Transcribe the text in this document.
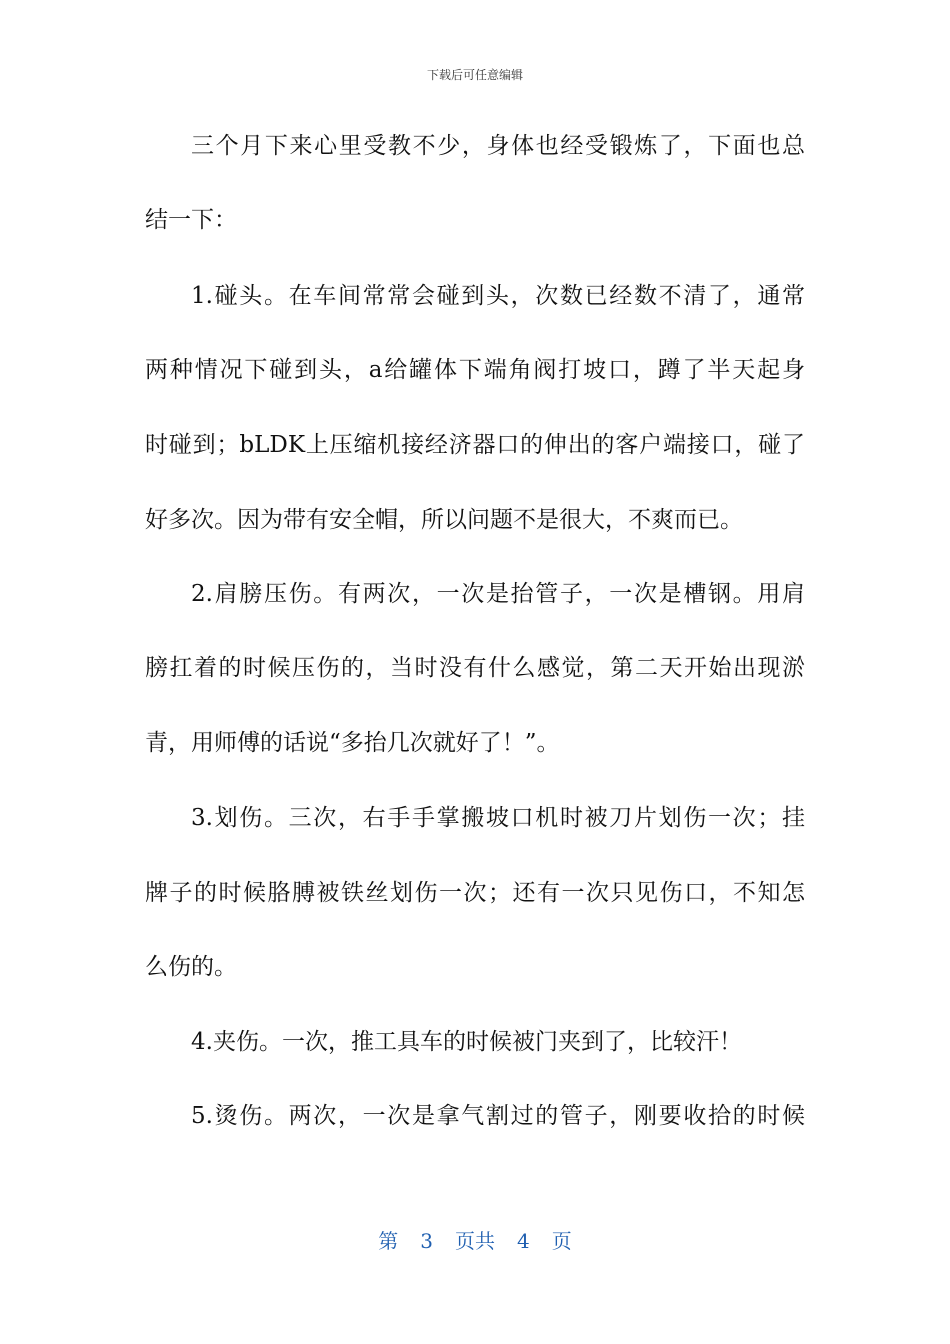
下载后可任意编辑
三个月下来心里受教不少，身体也经受锻炼了，下面也总
结一下：
1.碰头。在车间常常会碰到头，次数已经数不清了，通常
两种情况下碰到头，a给罐体下端角阀打坡口，蹲了半天起身
时碰到；bLDK上压缩机接经济器口的伸出的客户端接口，碰了
好多次。因为带有安全帽，所以问题不是很大，不爽而已。
2.肩膀压伤。有两次，一次是抬管子，一次是槽钢。用肩
膀扛着的时候压伤的，当时没有什么感觉，第二天开始出现淤
青，用师傅的话说“多抬几次就好了！”。
3.划伤。三次，右手手掌搬坡口机时被刀片划伤一次；挂
牌子的时候胳膊被铁丝划伤一次；还有一次只见伤口，不知怎
么伤的。
4.夹伤。一次，推工具车的时候被门夹到了，比较汗！
5.烫伤。两次，一次是拿气割过的管子，刚要收拾的时候
第 3 页共 4 页
